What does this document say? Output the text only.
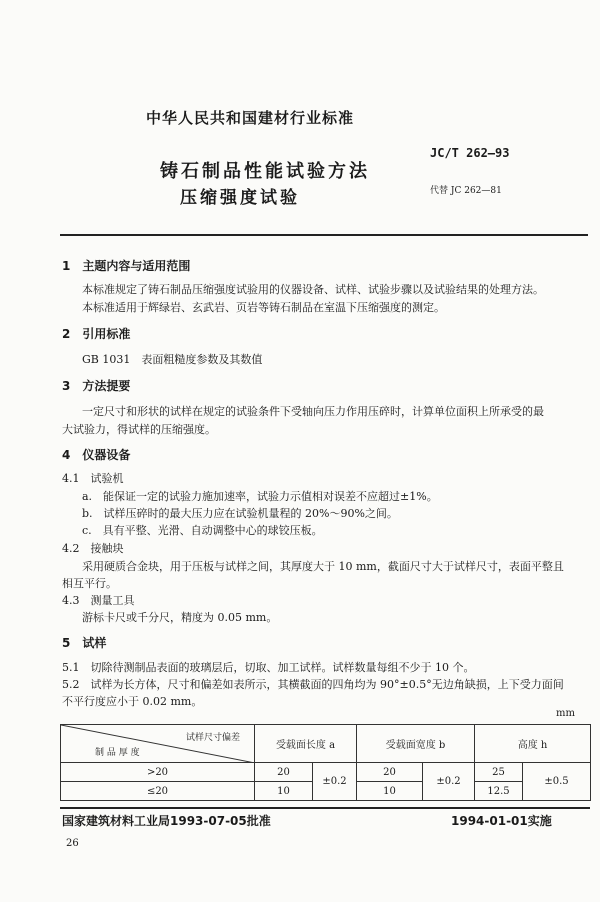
中华人民共和国建材行业标准
铸石制品性能试验方法
压缩强度试验
JC/T 262—93
代替 JC 262—81
1　 主题内容与适用范围
本标准规定了铸石制品压缩强度试验用的仪器设备、试样、试验步骤以及试验结果的处理方法。
本标准适用于辉绿岩、玄武岩、页岩等铸石制品在室温下压缩强度的测定。
2　 引用标准
GB 1031　表面粗糙度参数及其数值
3　 方法提要
一定尺寸和形状的试样在规定的试验条件下受轴向压力作用压碎时，计算单位面积上所承受的最
大试验力，得试样的压缩强度。
4　 仪器设备
4.1　试验机
a.　能保证一定的试验力施加速率，试验力示值相对误差不应超过±1%。
b.　试样压碎时的最大压力应在试验机量程的 20%～90%之间。
c.　具有平整、光滑、自动调整中心的球铰压板。
4.2　接触块
采用硬质合金块，用于压板与试样之间，其厚度大于 10 mm，截面尺寸大于试样尺寸，表面平整且
相互平行。
4.3　测量工具
游标卡尺或千分尺，精度为 0.05 mm。
5　 试样
5.1　切除待测制品表面的玻璃层后，切取、加工试样。试样数量每组不少于 10 个。
5.2　试样为长方体，尺寸和偏差如表所示，其横截面的四角均为 90°±0.5°无边角缺损，上下受力面间
不平行度应小于 0.02 mm。
mm
试样尺寸偏差
制 品 厚 度	受载面长度 a		受载面宽度 b		高度 h	
>20	20	±0.2	20	±0.2	25	±0.5
≤20	10		10		12.5	
国家建筑材料工业局1993-07-05批准	1994-01-01实施
26
